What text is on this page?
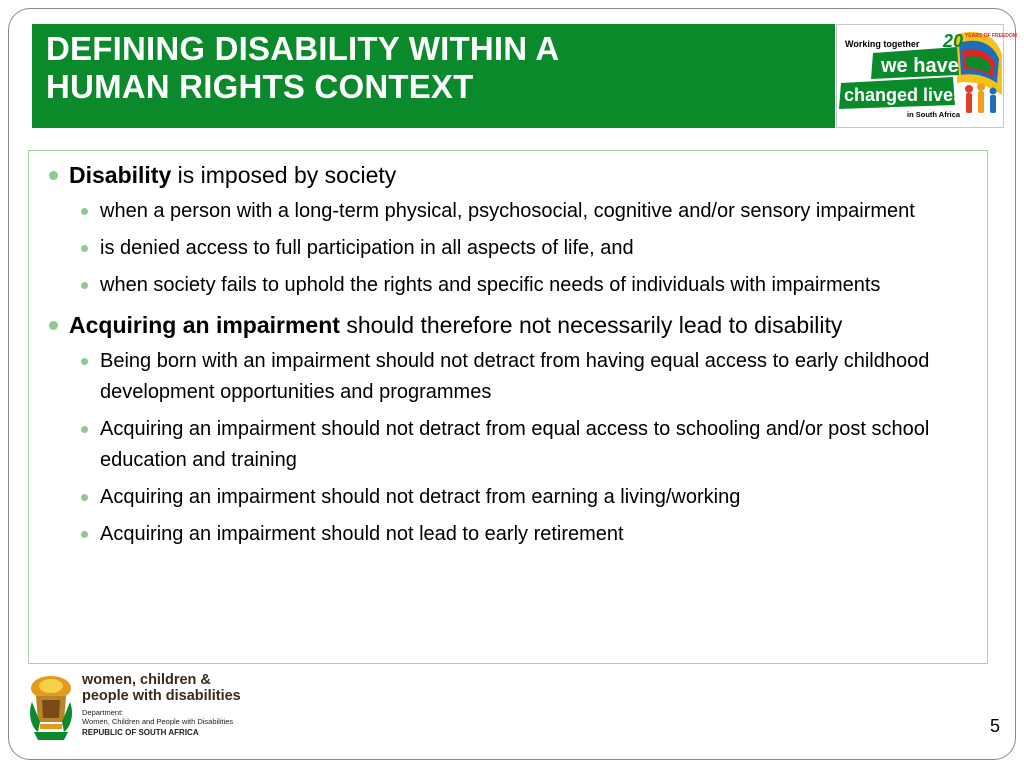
DEFINING DISABILITY WITHIN A
HUMAN RIGHTS CONTEXT
Working together
we have
changed lives
in South Africa
20 YEARS OF FREEDOM
Disability is imposed by society
when a person with a long-term physical, psychosocial, cognitive and/or sensory impairment
is denied access to full participation in all aspects of life, and
when society fails to uphold the rights and specific needs of individuals with impairments
Acquiring an impairment should therefore not necessarily lead to disability
Being born with an impairment should not detract from having equal access to early childhood development opportunities and programmes
Acquiring an impairment should not detract from equal access to schooling and/or post school education and training
Acquiring an impairment should not detract from earning a living/working
Acquiring an impairment should not lead to early retirement
women, children &
people with disabilities
Department:
Women, Children and People with Disabilities
REPUBLIC OF SOUTH AFRICA	5
